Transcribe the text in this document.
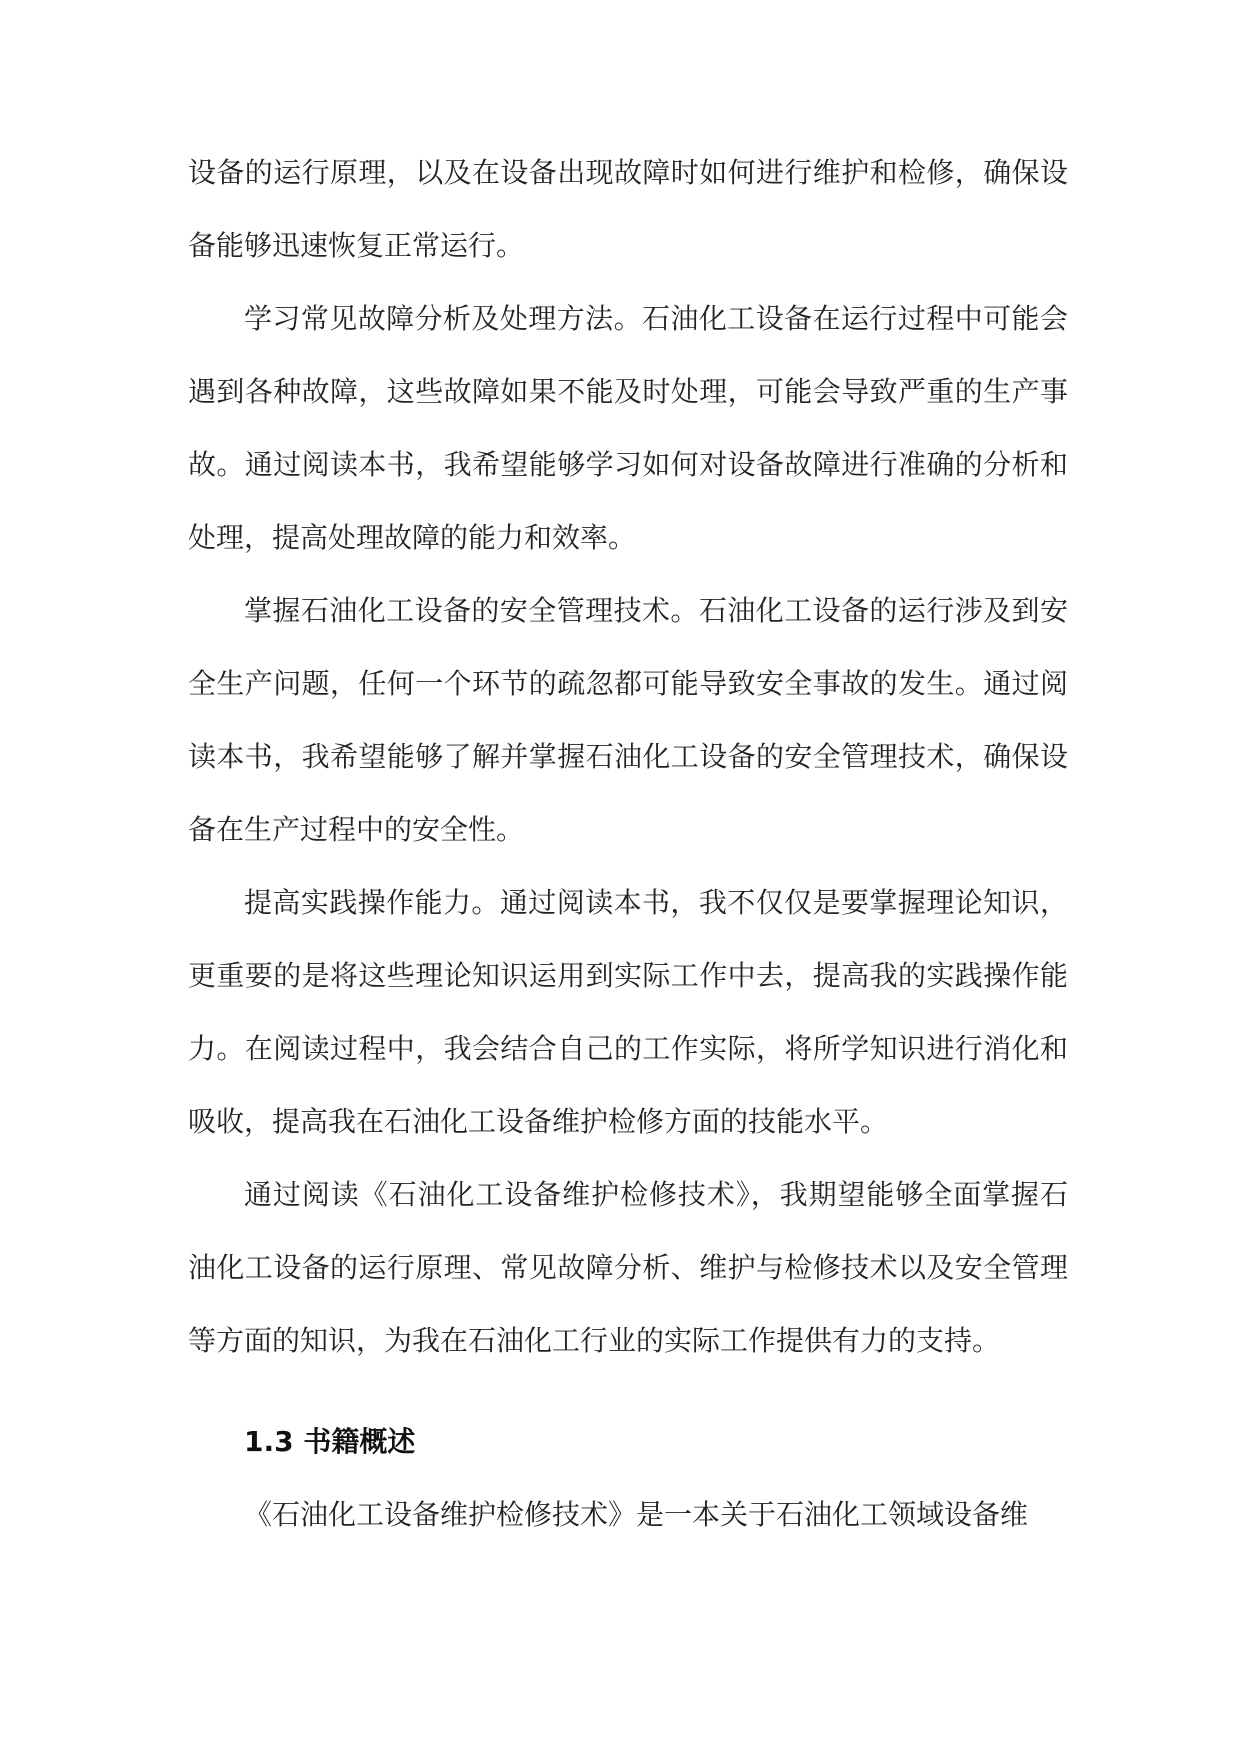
设备的运行原理，以及在设备出现故障时如何进行维护和检修，确保设备能够迅速恢复正常运行。

学习常见故障分析及处理方法。石油化工设备在运行过程中可能会遇到各种故障，这些故障如果不能及时处理，可能会导致严重的生产事故。通过阅读本书，我希望能够学习如何对设备故障进行准确的分析和处理，提高处理故障的能力和效率。

掌握石油化工设备的安全管理技术。石油化工设备的运行涉及到安全生产问题，任何一个环节的疏忽都可能导致安全事故的发生。通过阅读本书，我希望能够了解并掌握石油化工设备的安全管理技术，确保设备在生产过程中的安全性。

提高实践操作能力。通过阅读本书，我不仅仅是要掌握理论知识，更重要的是将这些理论知识运用到实际工作中去，提高我的实践操作能力。在阅读过程中，我会结合自己的工作实际，将所学知识进行消化和吸收，提高我在石油化工设备维护检修方面的技能水平。

通过阅读《石油化工设备维护检修技术》，我期望能够全面掌握石油化工设备的运行原理、常见故障分析、维护与检修技术以及安全管理等方面的知识，为我在石油化工行业的实际工作提供有力的支持。

1.3 书籍概述

《石油化工设备维护检修技术》是一本关于石油化工领域设备维
